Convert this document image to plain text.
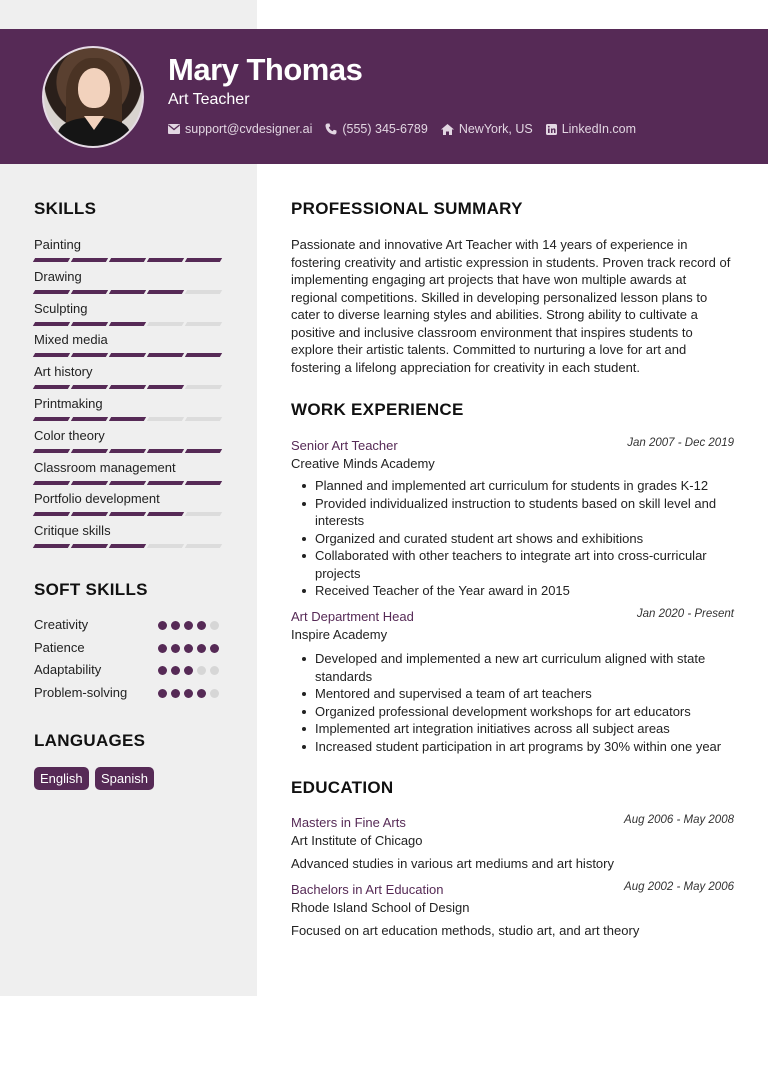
Mary Thomas
Art Teacher
support@cvdesigner.ai (555) 345-6789 NewYork, US LinkedIn.com
SKILLS
Painting
Drawing
Sculpting
Mixed media
Art history
Printmaking
Color theory
Classroom management
Portfolio development
Critique skills
SOFT SKILLS
Creativity
Patience
Adaptability
Problem-solving
LANGUAGES
English	Spanish
PROFESSIONAL SUMMARY
Passionate and innovative Art Teacher with 14 years of experience in fostering creativity and artistic expression in students. Proven track record of implementing engaging art projects that have won multiple awards at regional competitions. Skilled in developing personalized lesson plans to cater to diverse learning styles and abilities. Strong ability to cultivate a positive and inclusive classroom environment that inspires students to explore their artistic talents. Committed to nurturing a love for art and fostering a lifelong appreciation for creativity in each student.
WORK EXPERIENCE
Senior Art Teacher	Jan 2007 - Dec 2019
Creative Minds Academy
Planned and implemented art curriculum for students in grades K-12
Provided individualized instruction to students based on skill level and interests
Organized and curated student art shows and exhibitions
Collaborated with other teachers to integrate art into cross-curricular projects
Received Teacher of the Year award in 2015
Art Department Head	Jan 2020 - Present
Inspire Academy
Developed and implemented a new art curriculum aligned with state standards
Mentored and supervised a team of art teachers
Organized professional development workshops for art educators
Implemented art integration initiatives across all subject areas
Increased student participation in art programs by 30% within one year
EDUCATION
Masters in Fine Arts	Aug 2006 - May 2008
Art Institute of Chicago
Advanced studies in various art mediums and art history
Bachelors in Art Education	Aug 2002 - May 2006
Rhode Island School of Design
Focused on art education methods, studio art, and art theory
